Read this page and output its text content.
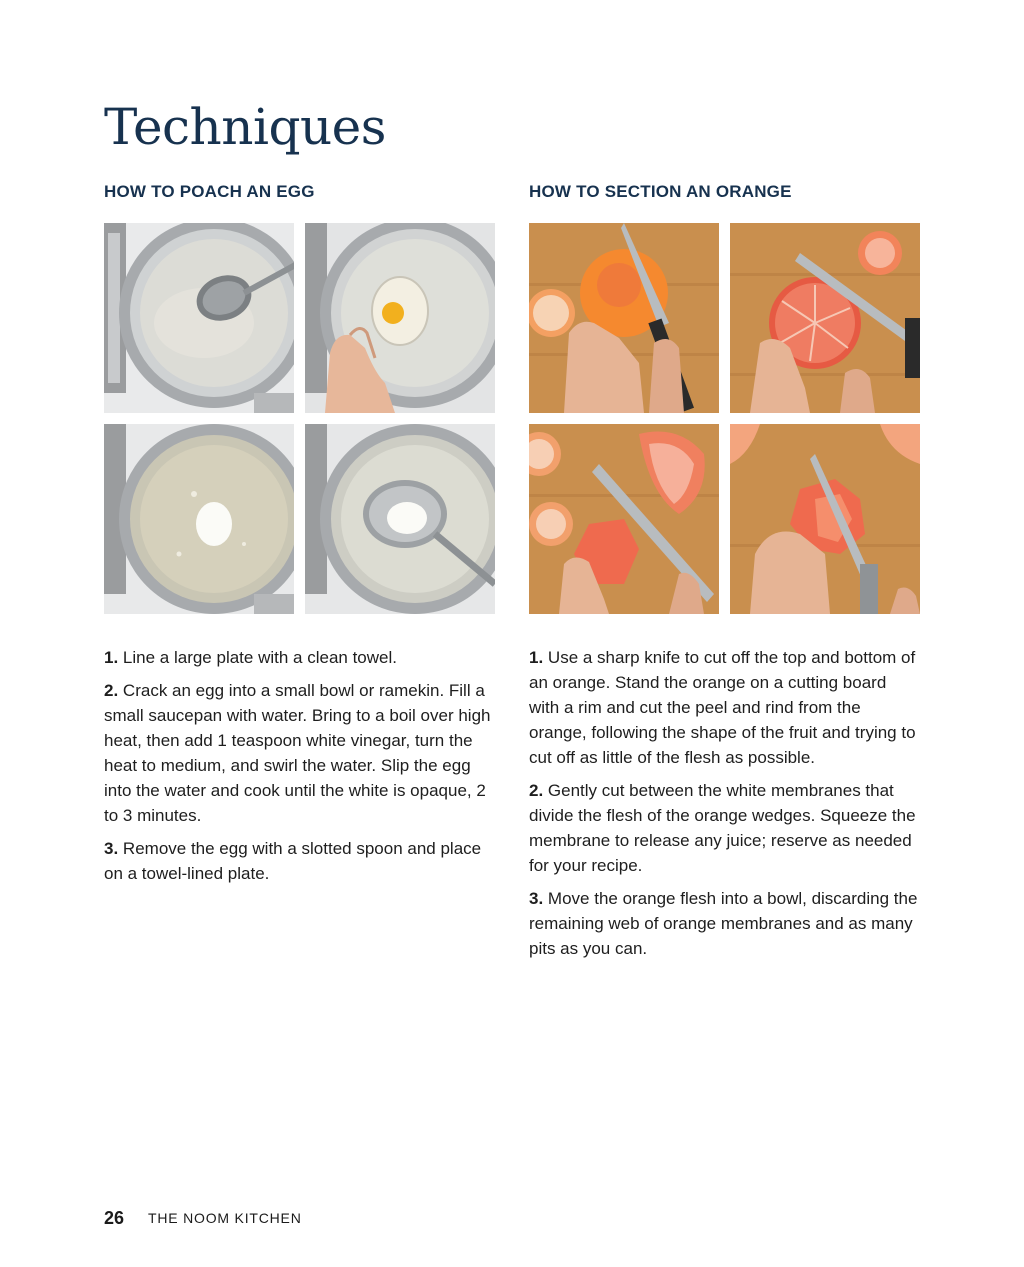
Techniques
HOW TO POACH AN EGG

1. Line a large plate with a clean towel.

2. Crack an egg into a small bowl or ramekin. Fill a small saucepan with water. Bring to a boil over high heat, then add 1 teaspoon white vinegar, turn the heat to medium, and swirl the water. Slip the egg into the water and cook until the white is opaque, 2 to 3 minutes.

3. Remove the egg with a slotted spoon and place on a towel-lined plate.

HOW TO SECTION AN ORANGE

1. Use a sharp knife to cut off the top and bottom of an orange. Stand the orange on a cutting board with a rim and cut the peel and rind from the orange, following the shape of the fruit and trying to cut off as little of the flesh as possible.

2. Gently cut between the white membranes that divide the flesh of the orange wedges. Squeeze the membrane to release any juice; reserve as needed for your recipe.

3. Move the orange flesh into a bowl, discarding the remaining web of orange membranes and as many pits as you can.

26 THE NOOM KITCHEN
